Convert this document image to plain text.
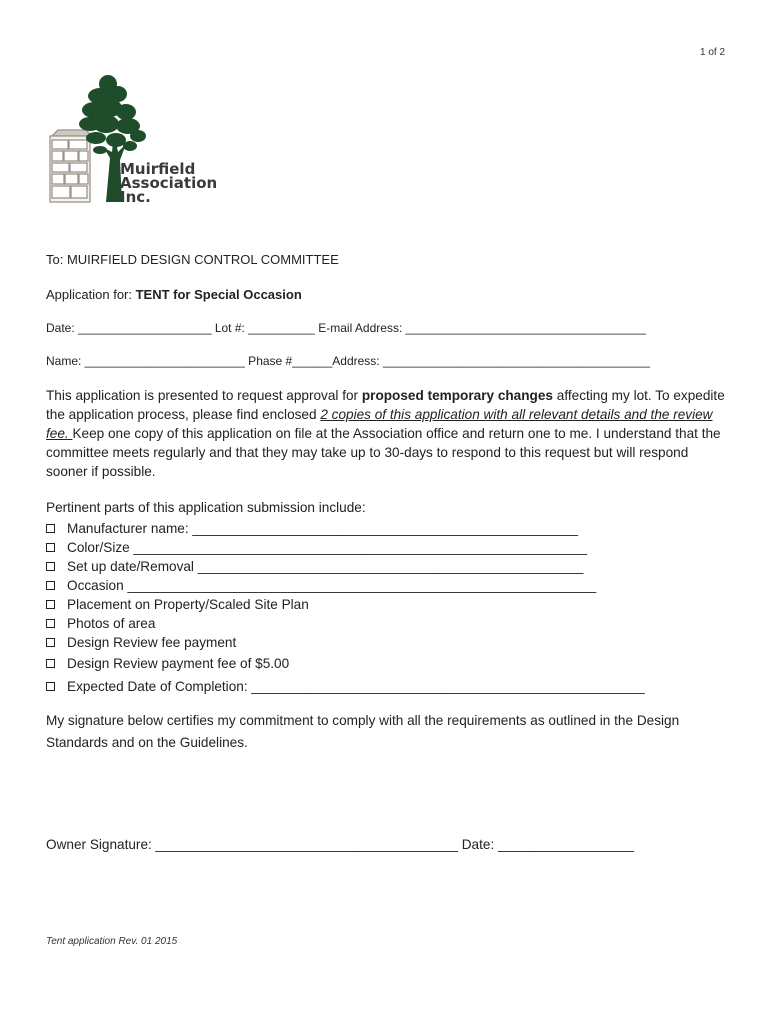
1 of 2
Muirfield
Association
Inc.
To: MUIRFIELD DESIGN CONTROL COMMITTEE
Application for: TENT for Special Occasion
Date: ____________________ Lot #: __________ E-mail Address: ____________________________________
Name: ________________________ Phase #______Address: ________________________________________
This application is presented to request approval for proposed temporary changes affecting my lot. To expedite the application process, please find enclosed 2 copies of this application with all relevant details and the review fee. Keep one copy of this application on file at the Association office and return one to me. I understand that the committee meets regularly and that they may take up to 30-days to respond to this request but will respond sooner if possible.
Pertinent parts of this application submission include:
Manufacturer name: ___________________________________________________
Color/Size ____________________________________________________________
Set up date/Removal ___________________________________________________
Occasion ______________________________________________________________
Placement on Property/Scaled Site Plan
Photos of area
Design Review fee payment
Design Review payment fee of $5.00
Expected Date of Completion: ____________________________________________________
My signature below certifies my commitment to comply with all the requirements as outlined in the Design Standards and on the Guidelines.
Owner Signature: ________________________________________ Date: __________________
Tent application Rev. 01 2015
